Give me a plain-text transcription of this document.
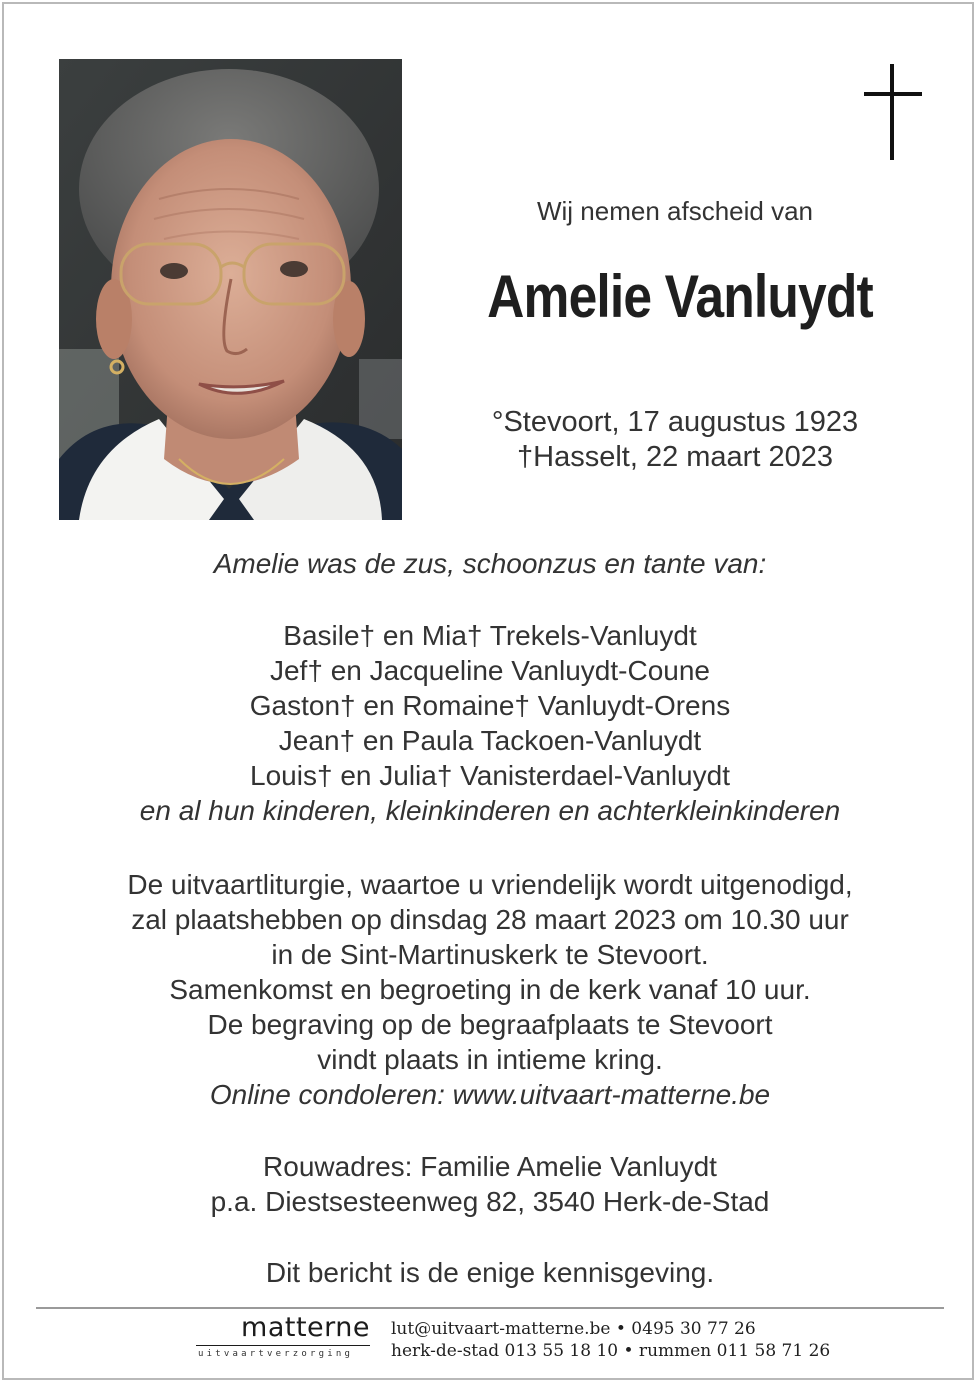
Wij nemen afscheid van
Amelie Vanluydt
°Stevoort, 17 augustus 1923
†Hasselt, 22 maart 2023
Amelie was de zus, schoonzus en tante van:
Basile† en Mia† Trekels-Vanluydt
Jef† en Jacqueline Vanluydt-Coune
Gaston† en Romaine† Vanluydt-Orens
Jean† en Paula Tackoen-Vanluydt
Louis† en Julia† Vanisterdael-Vanluydt
en al hun kinderen, kleinkinderen en achterkleinkinderen
De uitvaartliturgie, waartoe u vriendelijk wordt uitgenodigd,
zal plaatshebben op dinsdag 28 maart 2023 om 10.30 uur
in de Sint-Martinuskerk te Stevoort.
Samenkomst en begroeting in de kerk vanaf 10 uur.
De begraving op de begraafplaats te Stevoort
vindt plaats in intieme kring.
Online condoleren: www.uitvaart-matterne.be
Rouwadres: Familie Amelie Vanluydt
p.a. Diestsesteenweg 82, 3540 Herk-de-Stad
Dit bericht is de enige kennisgeving.
matterne
uitvaartverzorging
lut@uitvaart-matterne.be • 0495 30 77 26
herk-de-stad 013 55 18 10 • rummen 011 58 71 26
